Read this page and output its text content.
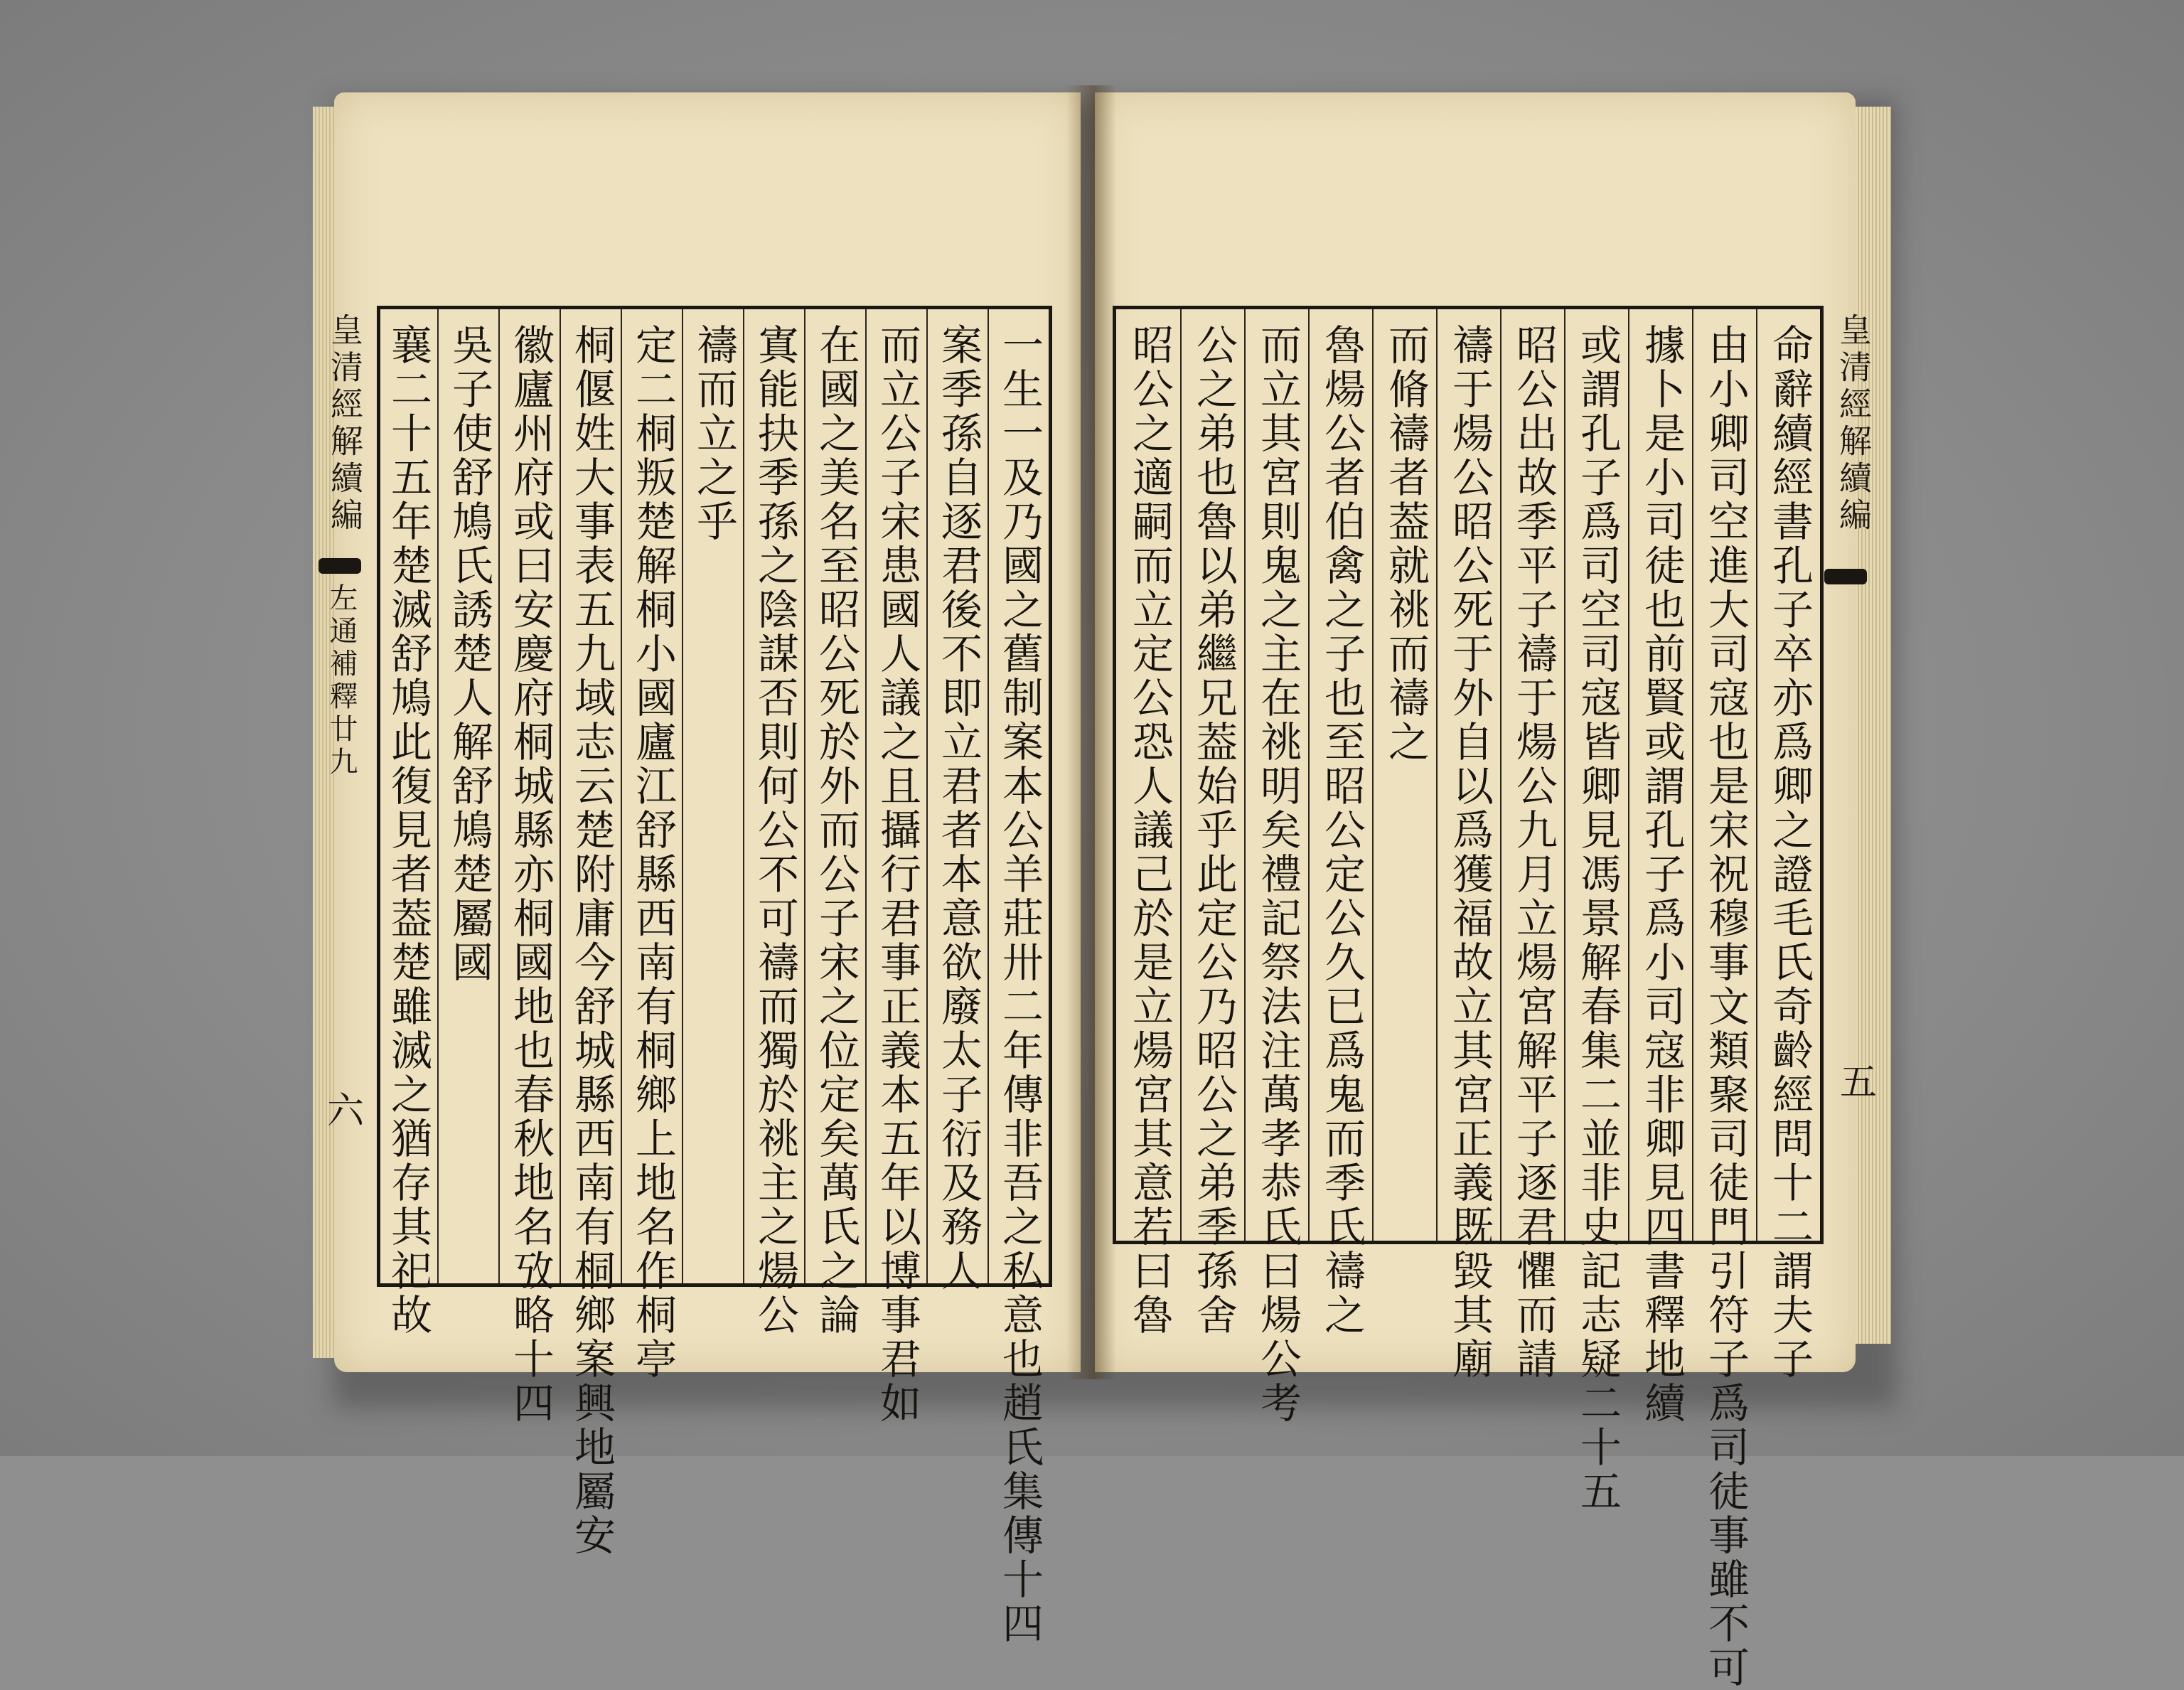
皇清經解續編
左通補釋廿九
六	一生一及乃國之舊制案本公羊莊卅二年傳非吾之私意也趙氏集傳十四
案季孫自逐君後不即立君者本意欲廢太子衍及務人
而立公子宋患國人議之且攝行君事正義本五年以博事君如
在國之美名至昭公死於外而公子宋之位定矣萬氏之論
寘能抉季孫之陰謀否則何公不可禱而獨於祧主之煬公
禱而立之乎
定二桐叛楚解桐小國廬江舒縣西南有桐鄉上地名作桐亭
桐偃姓大事表五九域志云楚附庸今舒城縣西南有桐鄉案興地屬安
徽廬州府或曰安慶府桐城縣亦桐國地也春秋地名攷略十四
吳子使舒鳩氏誘楚人解舒鳩楚屬國
襄二十五年楚滅舒鳩此復見者葢楚雖滅之猶存其祀故	命辭續經書孔子卒亦爲卿之證毛氏奇齡經問十二謂夫子
由小卿司空進大司寇也是宋祝穆事文類聚司徒門引符子爲司徒事雖不可
據卜是小司徒也前賢或謂孔子爲小司寇非卿見四書釋地續
或謂孔子爲司空司寇皆卿見馮景解春集二並非史記志疑二十五
昭公出故季平子禱于煬公九月立煬宮解平子逐君懼而請
禱于煬公昭公死于外自以爲獲福故立其宮正義既毀其廟
而脩禱者葢就祧而禱之
魯煬公者伯禽之子也至昭公定公久已爲鬼而季氏禱之
而立其宮則鬼之主在祧明矣禮記祭法注萬孝恭氏曰煬公考
公之弟也魯以弟繼兄葢始乎此定公乃昭公之弟季孫舍
昭公之適嗣而立定公恐人議己於是立煬宮其意若曰魯	皇清經解續編
五
